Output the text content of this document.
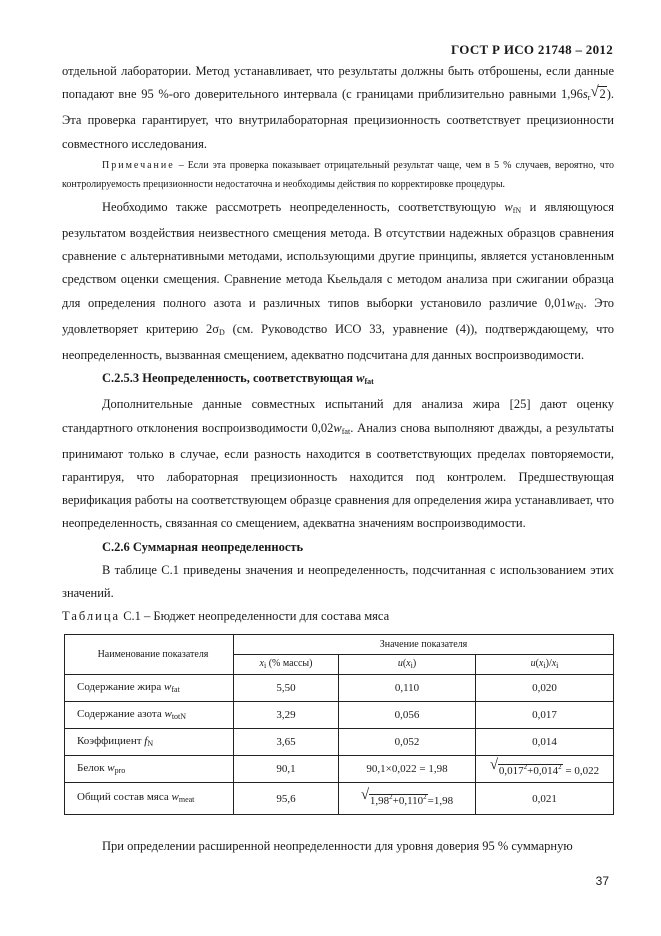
ГОСТ Р ИСО 21748 – 2012

отдельной лаборатории. Метод устанавливает, что результаты должны быть отброшены, если данные попадают вне 95 %-ого доверительного интервала (с границами приблизительно равными $1,96s_r$ √ 2). Эта проверка гарантирует, что внутрилабораторная прецизионность соответствует прецизионности совместного исследования.

Примечание – Если эта проверка показывает отрицательный результат чаще, чем в 5 % случаев, вероятно, что контролируемость прецизионности недостаточна и необходимы действия по корректировке процедуры.

Необходимо также рассмотреть неопределенность, соответствующую $w_{fN}$ и являющуюся результатом воздействия неизвестного смещения метода. В отсутствии надежных образцов сравнения сравнение с альтернативными методами, использующими другие принципы, является установленным средством оценки смещения. Сравнение метода Кьельдаля с методом анализа при сжигании образца для определения полного азота и различных типов выборки установило различие $0,01w_{fN}$. Это удовлетворяет критерию $2\sigma_D$ (см. Руководство ИСО 33, уравнение (4)), подтверждающему, что неопределенность, вызванная смещением, адекватно подсчитана для данных воспроизводимости.

С.2.5.3 Неопределенность, соответствующая $w_{fat}$

Дополнительные данные совместных испытаний для анализа жира [25] дают оценку стандартного отклонения воспроизводимости $0,02w_{fat}$. Анализ снова выполняют дважды, а результаты принимают только в случае, если разность находится в соответствующих пределах повторяемости, гарантируя, что лабораторная прецизионность находится под контролем. Предшествующая верификация работы на соответствующем образце сравнения для определения жира устанавливает, что неопределенность, связанная со смещением, адекватна значениям воспроизводимости.

С.2.6 Суммарная неопределенность

В таблице С.1 приведены значения и неопределенность, подсчитанная с использованием этих значений.

Таблица С.1 – Бюджет неопределенности для состава мяса

Наименование показателя	Значение показателя		
	$x_i$ (% массы)	$u(x_i)$	$u(x_i)/x_i$
Содержание жира $w_{fat}$	5,50	0,110	0,020
Содержание азота $w_{totN}$	3,29	0,056	0,017
Коэффициент $f_N$	3,65	0,052	0,014
Белок $w_{pro}$	90,1	90,1×0,022 = 1,98	√ $0,017^2+0,014^2 = 0,022$
Общий состав мяса $w_{meat}$	95,6	√ $1,98^2+0,110^2=1,98$	0,021

При определении расширенной неопределенности для уровня доверия 95 % суммарную

37
